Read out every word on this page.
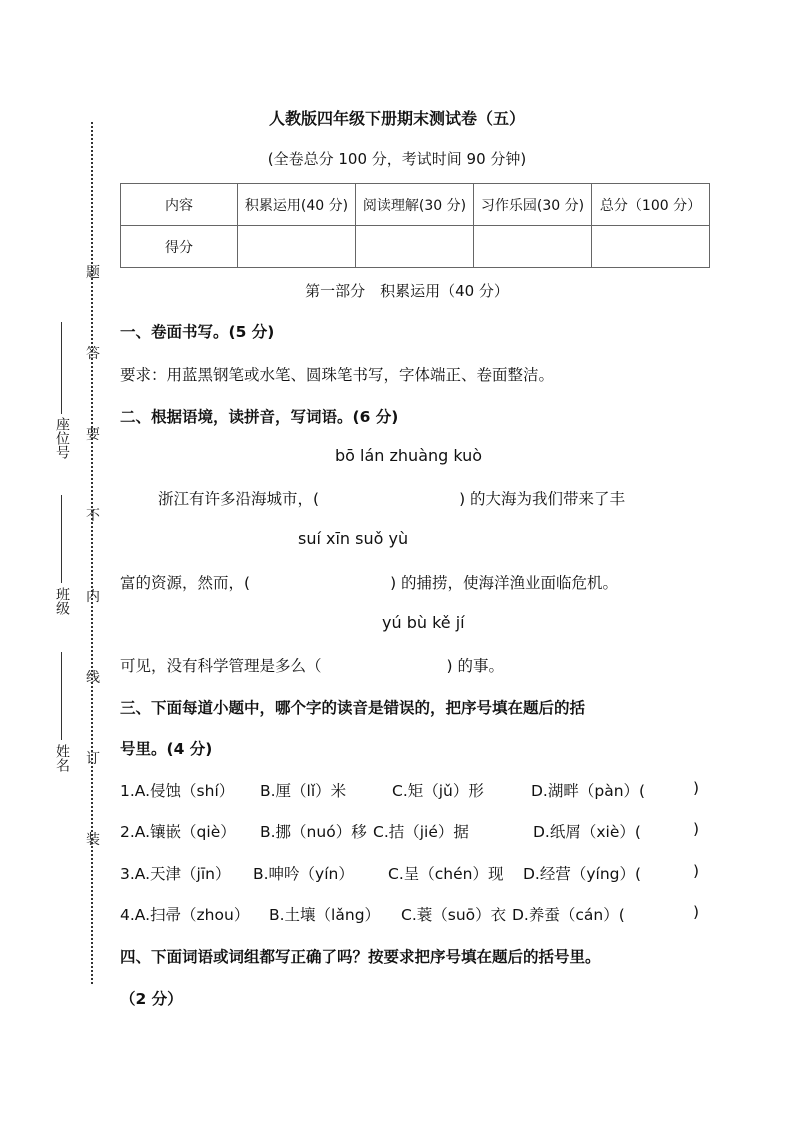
题
答
要
不
内
线
订
装
座位号
班级
姓名
人教版四年级下册期末测试卷（五）
(全卷总分 100 分，考试时间 90 分钟)
内容	积累运用(40 分)	阅读理解(30 分)	习作乐园(30 分)	总分（100 分）
得分				
第一部分　积累运用（40 分）
一、卷面书写。(5 分)
要求：用蓝黑钢笔或水笔、圆珠笔书写，字体端正、卷面整洁。
二、根据语境，读拼音，写词语。(6 分)
bō lán zhuàng kuò
浙江有许多沿海城市，(	) 的大海为我们带来了丰
suí xīn suǒ yù
富的资源，然而，(	) 的捕捞，使海洋渔业面临危机。
yú bù kě jí
可见，没有科学管理是多么（	) 的事。
三、下面每道小题中，哪个字的读音是错误的，把序号填在题后的括
号里。(4 分)
1.A.侵蚀（shí） B.厘（lǐ）米	C.矩（jǔ）形	D.湖畔（pàn）(	)
2.A.镶嵌（qiè） B.挪（nuó）移 C.拮（jié）据	D.纸屑（xiè）(	)
3.A.天津（jīn） B.呻吟（yín） C.呈（chén）现 D.经营（yíng）(	)
4.A.扫帚（zhou） B.土壤（lǎng） C.蓑（suō）衣 D.养蚕（cán）(	)
四、下面词语或词组都写正确了吗？按要求把序号填在题后的括号里。
（2 分）
